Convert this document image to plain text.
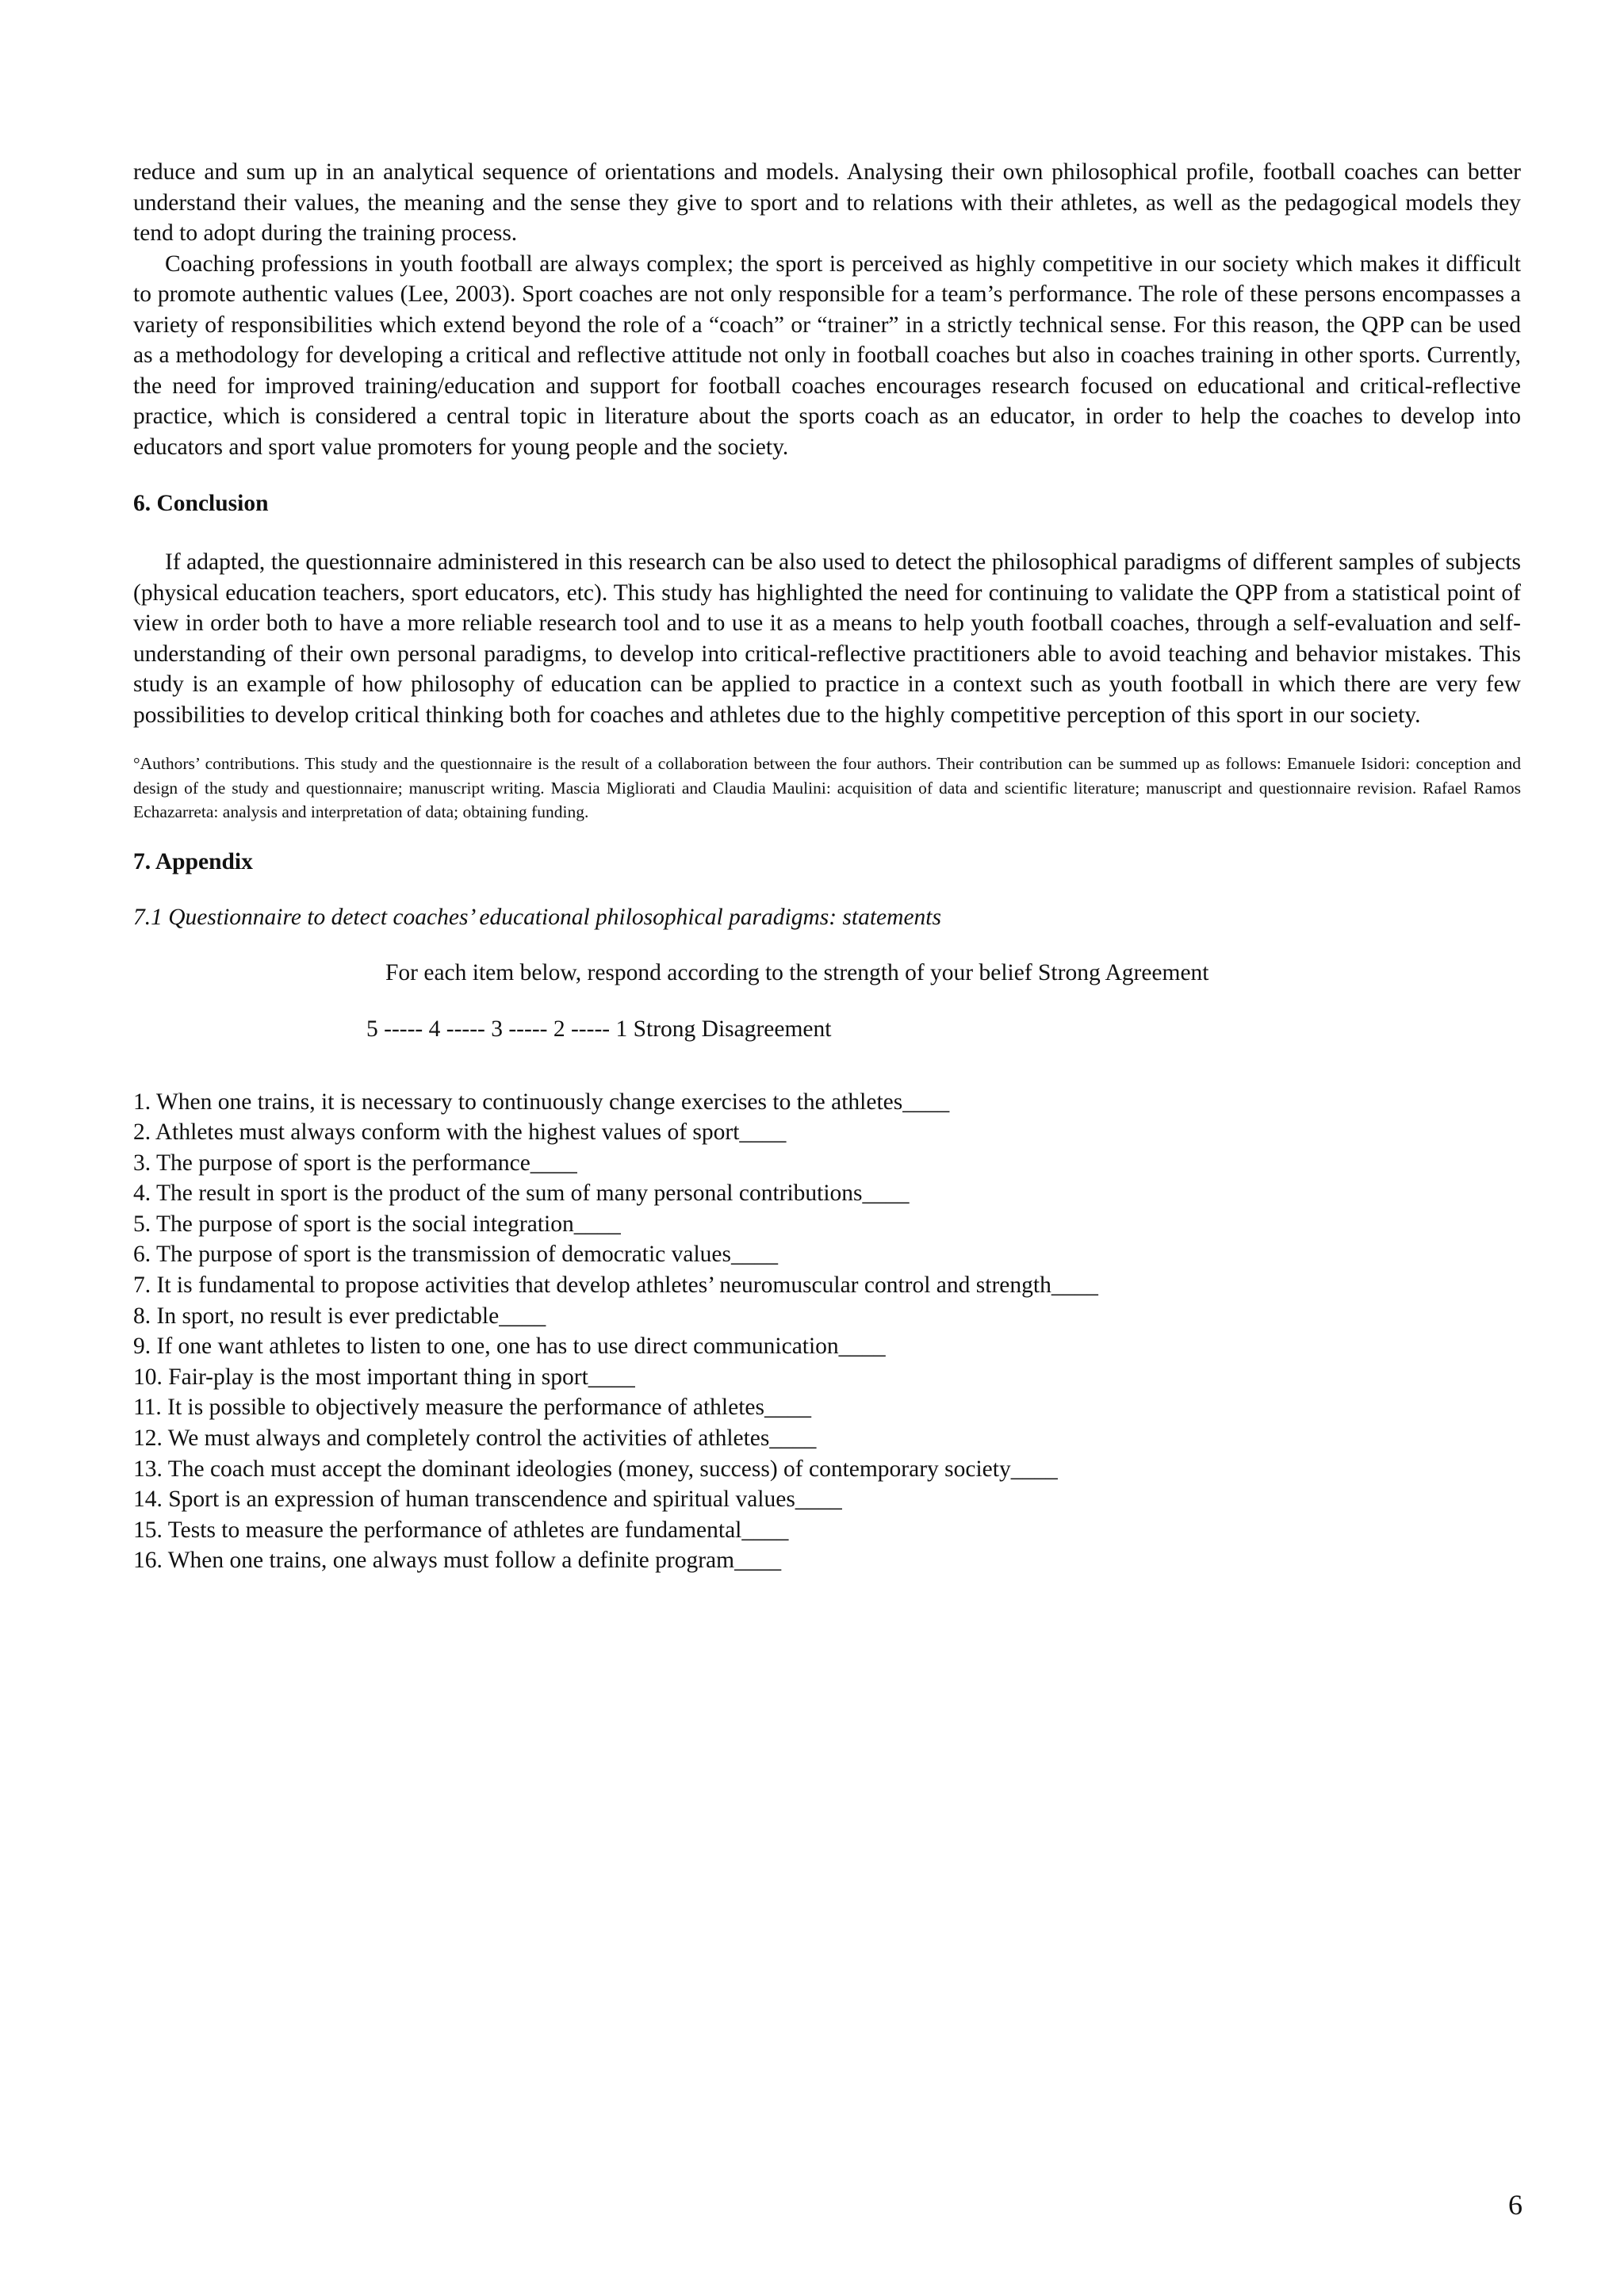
reduce and sum up in an analytical sequence of orientations and models. Analysing their own philosophical profile, football coaches can better understand their values, the meaning and the sense they give to sport and to relations with their athletes, as well as the pedagogical models they tend to adopt during the training process.

Coaching professions in youth football are always complex; the sport is perceived as highly competitive in our society which makes it difficult to promote authentic values (Lee, 2003). Sport coaches are not only responsible for a team’s performance. The role of these persons encompasses a variety of responsibilities which extend beyond the role of a “coach” or “trainer” in a strictly technical sense. For this reason, the QPP can be used as a methodology for developing a critical and reflective attitude not only in football coaches but also in coaches training in other sports. Currently, the need for improved training/education and support for football coaches encourages research focused on educational and critical-reflective practice, which is considered a central topic in literature about the sports coach as an educator, in order to help the coaches to develop into educators and sport value promoters for young people and the society.

6. Conclusion

If adapted, the questionnaire administered in this research can be also used to detect the philosophical paradigms of different samples of subjects (physical education teachers, sport educators, etc). This study has highlighted the need for continuing to validate the QPP from a statistical point of view in order both to have a more reliable research tool and to use it as a means to help youth football coaches, through a self-evaluation and self-understanding of their own personal paradigms, to develop into critical-reflective practitioners able to avoid teaching and behavior mistakes. This study is an example of how philosophy of education can be applied to practice in a context such as youth football in which there are very few possibilities to develop critical thinking both for coaches and athletes due to the highly competitive perception of this sport in our society.

°Authors’ contributions. This study and the questionnaire is the result of a collaboration between the four authors. Their contribution can be summed up as follows: Emanuele Isidori: conception and design of the study and questionnaire; manuscript writing. Mascia Migliorati and Claudia Maulini: acquisition of data and scientific literature; manuscript and questionnaire revision. Rafael Ramos Echazarreta: analysis and interpretation of data; obtaining funding.

7. Appendix

7.1 Questionnaire to detect coaches’ educational philosophical paradigms: statements

For each item below, respond according to the strength of your belief Strong Agreement

5 ----- 4 ----- 3 ----- 2 ----- 1 Strong Disagreement

1. When one trains, it is necessary to continuously change exercises to the athletes____
2. Athletes must always conform with the highest values of sport____
3. The purpose of sport is the performance____
4. The result in sport is the product of the sum of many personal contributions____
5. The purpose of sport is the social integration____
6. The purpose of sport is the transmission of democratic values____
7. It is fundamental to propose activities that develop athletes’ neuromuscular control and strength____
8. In sport, no result is ever predictable____
9. If one want athletes to listen to one, one has to use direct communication____
10. Fair-play is the most important thing in sport____
11. It is possible to objectively measure the performance of athletes____
12. We must always and completely control the activities of athletes____
13. The coach must accept the dominant ideologies (money, success) of contemporary society____
14. Sport is an expression of human transcendence and spiritual values____
15. Tests to measure the performance of athletes are fundamental____
16. When one trains, one always must follow a definite program____
6
